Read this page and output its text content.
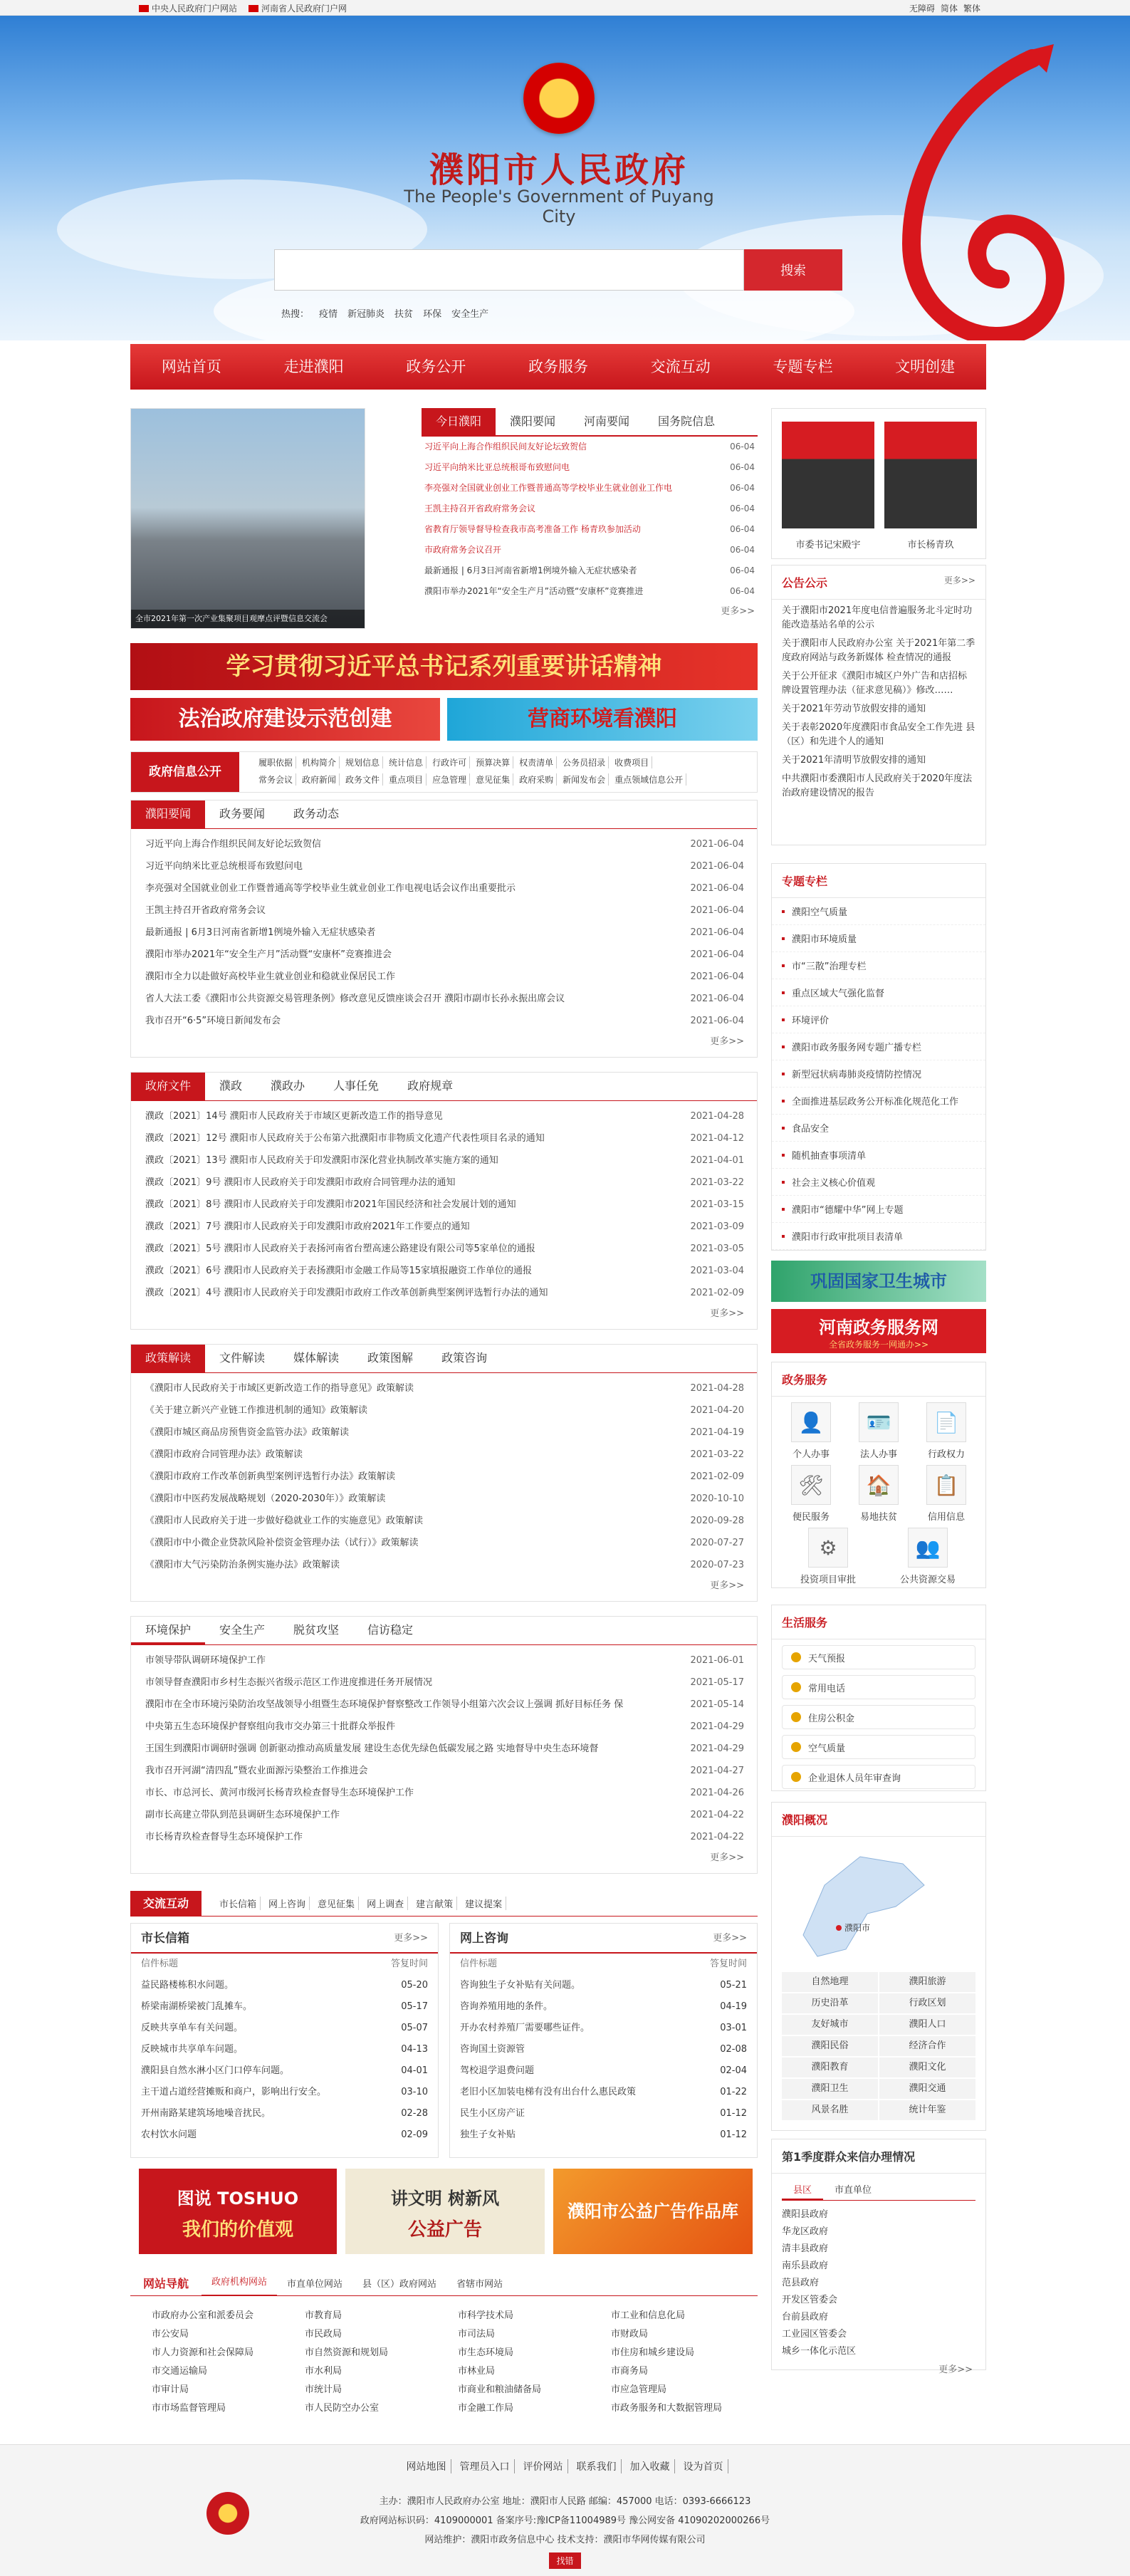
中央人民政府门户网站	河南省人民政府门户网	无障碍 简体 繁体
濮阳市人民政府
The People's Government of Puyang City
搜索
热搜： 疫情 新冠肺炎 扶贫 环保 安全生产
网站首页	走进濮阳	政务公开	政务服务	交流互动	专题专栏	文明创建
全市2021年第一次产业集聚项目观摩点评暨信息交流会
今日濮阳	濮阳要闻	河南要闻	国务院信息
习近平向上海合作组织民间友好论坛致贺信	06-04
习近平向纳米比亚总统根哥布致慰问电	06-04
李亮强对全国就业创业工作暨普通高等学校毕业生就业创业工作电	06-04
王凯主持召开省政府常务会议	06-04
省教育厅领导督导检查我市高考准备工作 杨青玖参加活动	06-04
市政府常务会议召开	06-04
最新通报 | 6月3日河南省新增1例境外输入无症状感染者	06-04
濮阳市举办2021年“安全生产月”活动暨“安康杯”竞赛推进	06-04
更多>>
学习贯彻习近平总书记系列重要讲话精神
法治政府建设示范创建	营商环境看濮阳
政府信息公开
履职依据	机构简介	规划信息	统计信息	行政许可	预算决算	权责清单	公务员招录	收费项目
常务会议	政府新闻	政务文件	重点项目	应急管理	意见征集	政府采购	新闻发布会	重点领域信息公开
濮阳要闻	政务要闻	政务动态
习近平向上海合作组织民间友好论坛致贺信	2021-06-04
习近平向纳米比亚总统根哥布致慰问电	2021-06-04
李亮强对全国就业创业工作暨普通高等学校毕业生就业创业工作电视电话会议作出重要批示	2021-06-04
王凯主持召开省政府常务会议	2021-06-04
最新通报 | 6月3日河南省新增1例境外输入无症状感染者	2021-06-04
濮阳市举办2021年“安全生产月”活动暨“安康杯”竞赛推进会	2021-06-04
濮阳市全力以赴做好高校毕业生就业创业和稳就业保居民工作	2021-06-04
省人大法工委《濮阳市公共资源交易管理条例》修改意见反馈座谈会召开 濮阳市副市长孙永振出席会议	2021-06-04
我市召开“6·5”环境日新闻发布会	2021-06-04
更多>>
政府文件	濮政	濮政办	人事任免	政府规章
濮政〔2021〕14号 濮阳市人民政府关于市域区更新改造工作的指导意见	2021-04-28
濮政〔2021〕12号 濮阳市人民政府关于公布第六批濮阳市非物质文化遗产代表性项目名录的通知	2021-04-12
濮政〔2021〕13号 濮阳市人民政府关于印发濮阳市深化营业执制改革实施方案的通知	2021-04-01
濮政〔2021〕9号 濮阳市人民政府关于印发濮阳市政府合同管理办法的通知	2021-03-22
濮政〔2021〕8号 濮阳市人民政府关于印发濮阳市2021年国民经济和社会发展计划的通知	2021-03-15
濮政〔2021〕7号 濮阳市人民政府关于印发濮阳市政府2021年工作要点的通知	2021-03-09
濮政〔2021〕5号 濮阳市人民政府关于表扬河南省台塑高速公路建设有限公司等5家单位的通报	2021-03-05
濮政〔2021〕6号 濮阳市人民政府关于表扬濮阳市金融工作局等15家填报融资工作单位的通报	2021-03-04
濮政〔2021〕4号 濮阳市人民政府关于印发濮阳市政府工作改革创新典型案例评选暂行办法的通知	2021-02-09
更多>>
政策解读	文件解读	媒体解读	政策图解	政策咨询
《濮阳市人民政府关于市域区更新改造工作的指导意见》政策解读	2021-04-28
《关于建立新兴产业链工作推进机制的通知》政策解读	2021-04-20
《濮阳市城区商品房预售资金监管办法》政策解读	2021-04-19
《濮阳市政府合同管理办法》政策解读	2021-03-22
《濮阳市政府工作改革创新典型案例评选暂行办法》政策解读	2021-02-09
《濮阳市中医药发展战略规划（2020-2030年）》政策解读	2020-10-10
《濮阳市人民政府关于进一步做好稳就业工作的实施意见》政策解读	2020-09-28
《濮阳市中小微企业贷款风险补偿资金管理办法（试行）》政策解读	2020-07-27
《濮阳市大气污染防治条例实施办法》政策解读	2020-07-23
更多>>
环境保护	安全生产	脱贫攻坚	信访稳定
市领导带队调研环境保护工作	2021-06-01
市领导督查濮阳市乡村生态振兴省级示范区工作进度推进任务开展情况	2021-05-17
濮阳市在全市环境污染防治攻坚战领导小组暨生态环境保护督察整改工作领导小组第六次会议上强调 抓好目标任务 保	2021-05-14
中央第五生态环境保护督察组向我市交办第三十批群众举报件	2021-04-29
王国生到濮阳市调研时强调 创新驱动推动高质量发展 建设生态优先绿色低碳发展之路 实地督导中央生态环境督	2021-04-29
我市召开河湖“清四乱”暨农业面源污染整治工作推进会	2021-04-27
市长、市总河长、黄河市级河长杨青玖检查督导生态环境保护工作	2021-04-26
副市长高建立带队到范县调研生态环境保护工作	2021-04-22
市长杨青玖检查督导生态环境保护工作	2021-04-22
更多>>
交流互动	市长信箱	网上咨询	意见征集	网上调查	建言献策	建议提案
市长信箱	更多>>
信件标题	答复时间
益民路楼栋积水问题。	05-20
桥梁南湖桥梁被门乱摊车。	05-17
反映共享单车有关问题。	05-07
反映城市共享单车问题。	04-13
濮阳县自然水淋小区门口停车问题。	04-01
主干道占道经营摊贩和商户，影响出行安全。	03-10
开州南路某建筑场地噪音扰民。	02-28
农村饮水问题	02-09
网上咨询	更多>>
信件标题	答复时间
咨询独生子女补贴有关问题。	05-21
咨询养殖用地的条件。	04-19
开办农村养殖厂需要哪些证件。	03-01
咨询国土资源管	02-08
驾校退学退费问题	02-04
老旧小区加装电梯有没有出台什么惠民政策	01-22
民生小区房产证	01-12
独生子女补贴	01-12
图说 TOSHUO
我们的价值观
讲文明 树新风
公益广告
濮阳市公益广告作品库
网站导航	政府机构网站	市直单位网站	县（区）政府网站	省辖市网站
市政府办公室和派委员会	市教育局	市科学技术局	市工业和信息化局
市公安局	市民政局	市司法局	市财政局
市人力资源和社会保障局	市自然资源和规划局	市生态环境局	市住房和城乡建设局
市交通运输局	市水利局	市林业局	市商务局
市审计局	市统计局	市商业和粮油储备局	市应急管理局
市市场监督管理局	市人民防空办公室	市金融工作局	市政务服务和大数据管理局
市委书记宋殿宇	市长杨青玖
公告公示	更多>>
关于濮阳市2021年度电信普遍服务北斗定时功能改造基站名单的公示
关于濮阳市人民政府办公室 关于2021年第二季度政府网站与政务新媒体 检查情况的通报
关于公开征求《濮阳市城区户外广告和店招标牌设置管理办法（征求意见稿）》修改……
关于2021年劳动节放假安排的通知
关于表彰2020年度濮阳市食品安全工作先进 县（区）和先进个人的通知
关于2021年清明节放假安排的通知
中共濮阳市委濮阳市人民政府关于2020年度法治政府建设情况的报告
专题专栏
濮阳空气质量
濮阳市环境质量
市“三散”治理专栏
重点区域大气强化监督
环境评价
濮阳市政务服务网专题广播专栏
新型冠状病毒肺炎疫情防控情况
全面推进基层政务公开标准化规范化工作
食品安全
随机抽查事项清单
社会主义核心价值观
濮阳市“德耀中华”网上专题
濮阳市行政审批项目表清单
巩固国家卫生城市
河南政务服务网
全省政务服务一网通办>>
政务服务
👤
个人办事
🪪
法人办事
📄
行政权力
🛠
便民服务
🏠
易地扶贫
📋
信用信息
⚙
投资项目审批
👥
公共资源交易
生活服务
天气预报
常用电话
住房公积金
空气质量
企业退休人员年审查询
濮阳概况
濮阳市
自然地理	濮阳旅游
历史沿革	行政区划
友好城市	濮阳人口
濮阳民俗	经济合作
濮阳教育	濮阳文化
濮阳卫生	濮阳交通
风景名胜	统计年鉴
第1季度群众来信办理情况
县区	市直单位
濮阳县政府
华龙区政府
清丰县政府
南乐县政府
范县政府
开发区管委会
台前县政府
工业园区管委会
城乡一体化示范区
更多>>
网站地图	管理员入口	评价网站	联系我们	加入收藏	设为首页
主办：濮阳市人民政府办公室 地址：濮阳市人民路 邮编：457000 电话：0393-6666123
政府网站标识码：4109000001 备案序号:豫ICP备11004989号 豫公网安备 41090202000266号
网站维护：濮阳市政务信息中心 技术支持：濮阳市华网传媒有限公司
找错
